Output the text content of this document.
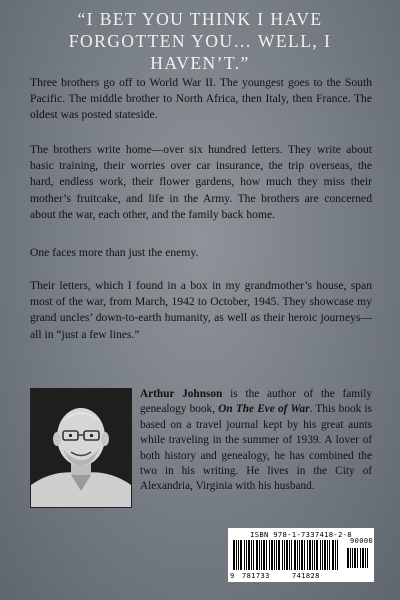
“I BET YOU THINK I HAVE FORGOTTEN YOU… WELL, I HAVEN’T.”

Three brothers go off to World War II. The youngest goes to the South Pacific. The middle brother to North Africa, then Italy, then France. The oldest was posted stateside.

The brothers write home—over six hundred letters. They write about basic training, their worries over car insurance, the trip overseas, the hard, endless work, their flower gardens, how much they miss their mother’s fruitcake, and life in the Army. The brothers are concerned about the war, each other, and the family back home.

One faces more than just the enemy.

Their letters, which I found in a box in my grandmother’s house, span most of the war, from March, 1942 to October, 1945. They showcase my grand uncles’ down-to-earth humanity, as well as their heroic journeys—all in “just a few lines.”

Arthur Johnson is the author of the family genealogy book, On The Eve of War. This book is based on a travel journal kept by his great aunts while traveling in the summer of 1939. A lover of both history and genealogy, he has combined the two in his writing. He lives in the City of Alexandria, Virginia with his husband.
ISBN 978-1-7337418-2-8
9 781733	741828
90000
